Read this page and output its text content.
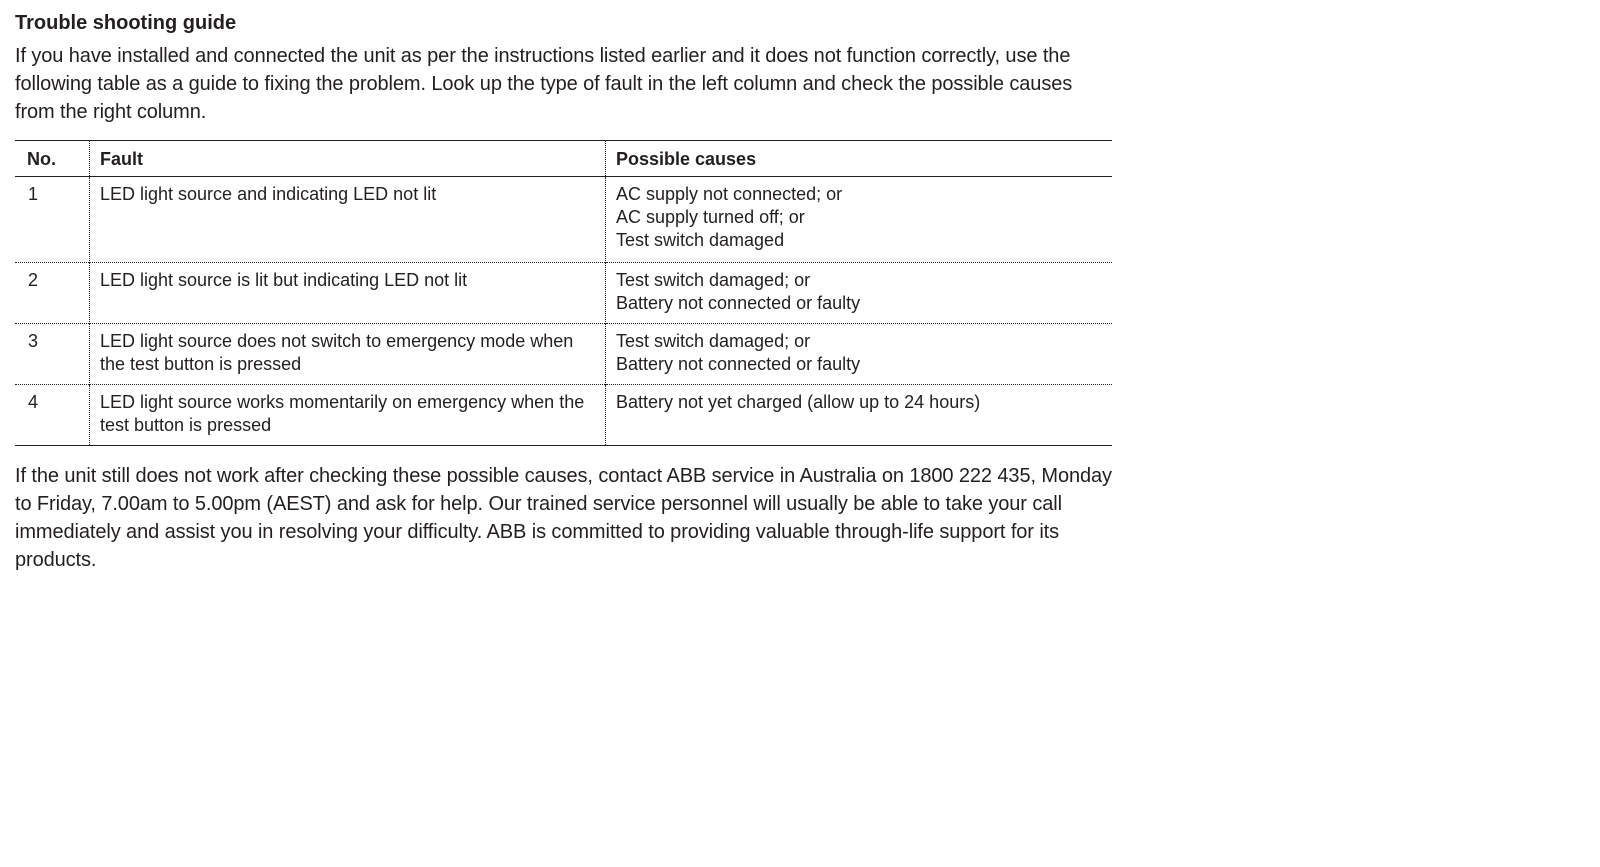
Trouble shooting guide

If you have installed and connected the unit as per the instructions listed earlier and it does not function correctly, use the following table as a guide to fixing the problem. Look up the type of fault in the left column and check the possible causes from the right column.

No.	Fault	Possible causes
1	LED light source and indicating LED not lit	AC supply not connected; or
AC supply turned off; or
Test switch damaged

2	LED light source is lit but indicating LED not lit	Test switch damaged; or
Battery not connected or faulty

3	LED light source does not switch to emergency mode when the test button is pressed	Test switch damaged; or
Battery not connected or faulty

4	LED light source works momentarily on emergency when the test button is pressed	Battery not yet charged (allow up to 24 hours)

If the unit still does not work after checking these possible causes, contact ABB service in Australia on 1800 222 435, Monday to Friday, 7.00am to 5.00pm (AEST) and ask for help. Our trained service personnel will usually be able to take your call immediately and assist you in resolving your difficulty. ABB is committed to providing valuable through-life support for its products.
